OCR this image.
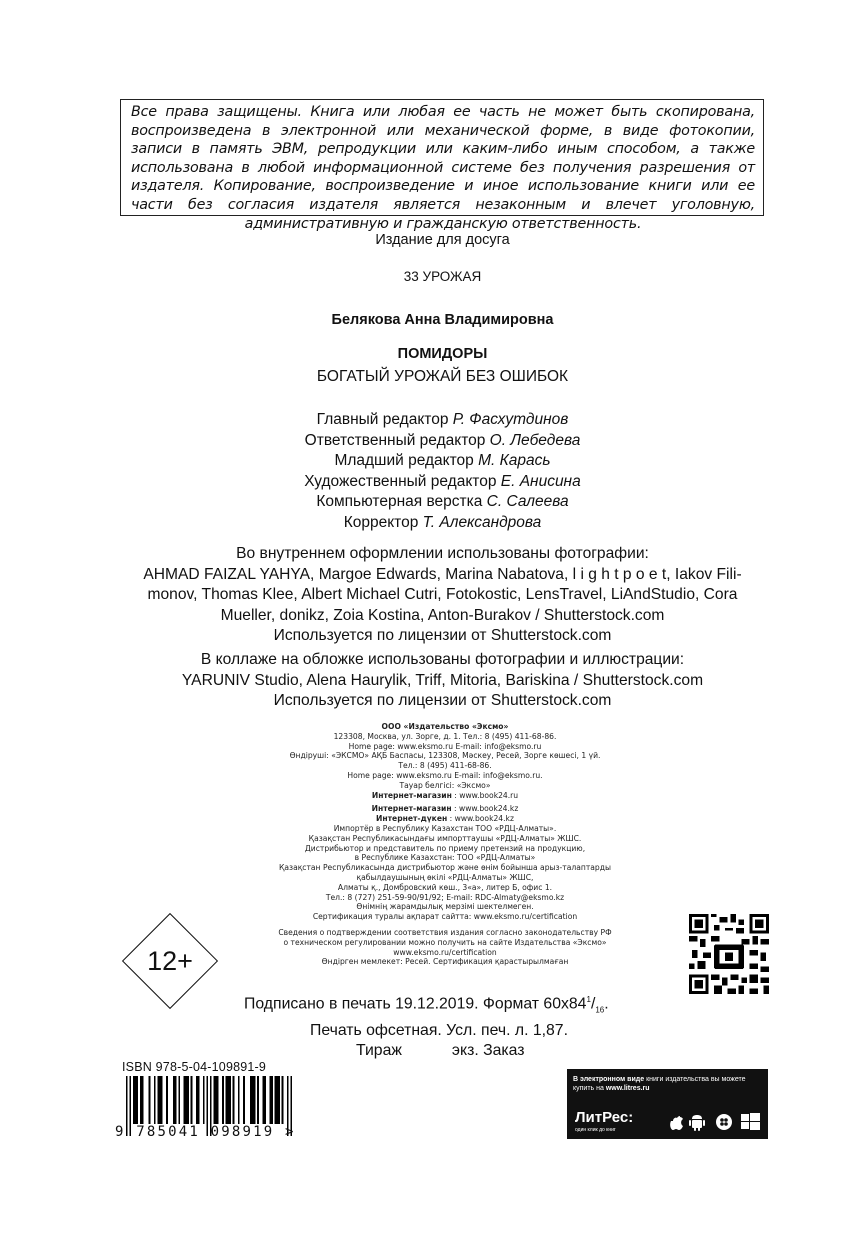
Все права защищены. Книга или любая ее часть не может быть скопирована, воспроизведена в электронной или механической форме, в виде фотокопии, записи в память ЭВМ, репродукции или каким-либо иным способом, а также использована в любой информационной системе без получения разрешения от издателя. Копирование, воспроизведение и иное использование книги или ее части без согласия издателя является незаконным и влечет уголовную, административную и гражданскую ответственность.
Издание для досуга
33 УРОЖАЯ
Белякова Анна Владимировна
ПОМИДОРЫ
БОГАТЫЙ УРОЖАЙ БЕЗ ОШИБОК
Главный редактор Р. Фасхутдинов
Ответственный редактор О. Лебедева
Младший редактор М. Карась
Художественный редактор Е. Анисина
Компьютерная верстка С. Салеева
Корректор Т. Александрова
Во внутреннем оформлении использованы фотографии:
AHMAD FAIZAL YAHYA, Margoe Edwards, Marina Nabatova, l i g h t p o e t, Iakov Fili-
monov, Thomas Klee, Albert Michael Cutri, Fotokostic, LensTravel, LiAndStudio, Cora
Mueller, donikz, Zoia Kostina, Anton-Burakov / Shutterstock.com
Используется по лицензии от Shutterstock.com
В коллаже на обложке использованы фотографии и иллюстрации:
YARUNIV Studio, Alena Haurylik, Triff, Mitoria, Bariskina / Shutterstock.com
Используется по лицензии от Shutterstock.com
ООО «Издательство «Эксмо»
123308, Москва, ул. Зорге, д. 1. Тел.: 8 (495) 411-68-86.
Home page: www.eksmo.ru E-mail: info@eksmo.ru
Өндіруші: «ЭКСМО» АҚБ Баспасы, 123308, Мәскеу, Ресей, Зорге көшесі, 1 үй.
Тел.: 8 (495) 411-68-86.
Home page: www.eksmo.ru E-mail: info@eksmo.ru.
Тауар белгісі: «Эксмо»
Интернет-магазин : www.book24.ru
Интернет-магазин : www.book24.kz
Интернет-дүкен : www.book24.kz
Импортёр в Республику Казахстан ТОО «РДЦ-Алматы».
Қазақстан Республикасындағы импорттаушы «РДЦ-Алматы» ЖШС.
Дистрибьютор и представитель по приему претензий на продукцию,
в Республике Казахстан: ТОО «РДЦ-Алматы»
Қазақстан Республикасында дистрибьютор және өнім бойынша арыз-талаптарды
қабылдаушының өкілі «РДЦ-Алматы» ЖШС,
Алматы қ., Домбровский көш., 3«а», литер Б, офис 1.
Тел.: 8 (727) 251-59-90/91/92; E-mail: RDC-Almaty@eksmo.kz
Өнімнің жарамдылық мерзімі шектелмеген.
Сертификация туралы ақпарат сайтта: www.eksmo.ru/certification
Сведения о подтверждении соответствия издания согласно законодательству РФ
о техническом регулировании можно получить на сайте Издательства «Эксмо»
www.eksmo.ru/certification
Өндірген мемлекет: Ресей. Сертификация қарастырылмаған
12+
Подписано в печать 19.12.2019. Формат $60х84^1/_{16}$.
Печать офсетная. Усл. печ. л. 1,87.
Тираж	экз. Заказ
ISBN 978-5-04-109891-9
9 785041 098919 >
В электронном виде книги издательства вы можете купить на www.litres.ru
ЛитРес:
один клик до книг
